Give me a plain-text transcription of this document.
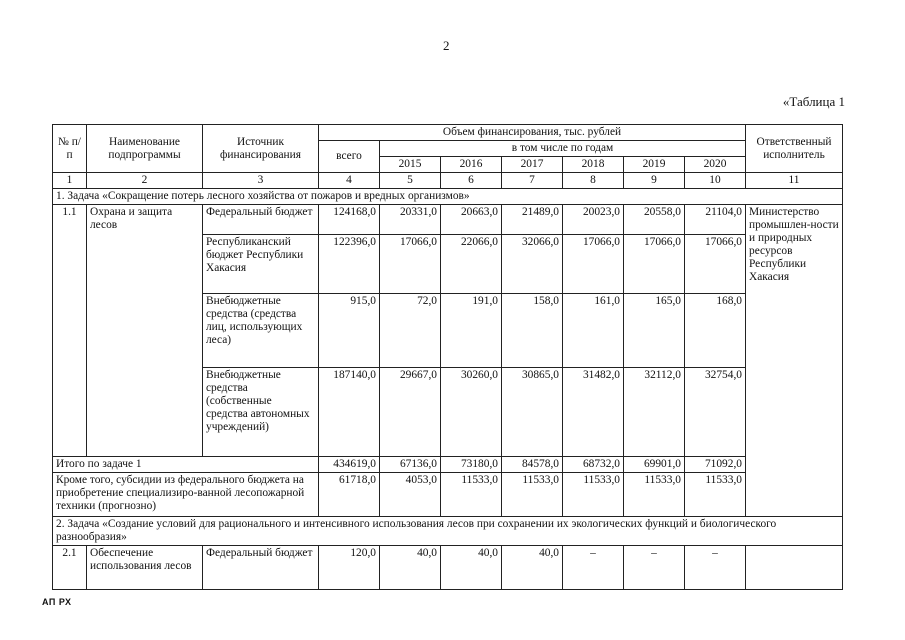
2
«Таблица 1
№ п/п	Наименование подпрограммы	Источник финансирования	Объем финансирования, тыс. рублей							Ответственный исполнитель
			всего	в том числе по годам						
				2015	2016	2017	2018	2019	2020	
1	2	3	4	5	6	7	8	9	10	11
1. Задача «Сокращение потерь лесного хозяйства от пожаров и вредных организмов»										
1.1	Охрана и защита лесов	Федеральный бюджет	124168,0	20331,0	20663,0	21489,0	20023,0	20558,0	21104,0	Министерство промышлен-ности и природных ресурсов Республики Хакасия
		Республиканский бюджет Республики Хакасия	122396,0	17066,0	22066,0	32066,0	17066,0	17066,0	17066,0	
		Внебюджетные средства (средства лиц, использующих леса)	915,0	72,0	191,0	158,0	161,0	165,0	168,0	
		Внебюджетные средства (собственные средства автономных учреждений)	187140,0	29667,0	30260,0	30865,0	31482,0	32112,0	32754,0	
Итого по задаче 1			434619,0	67136,0	73180,0	84578,0	68732,0	69901,0	71092,0	
Кроме того, субсидии из федерального бюджета на приобретение специализиро-ванной лесопожарной техники (прогнозно)			61718,0	4053,0	11533,0	11533,0	11533,0	11533,0	11533,0	
2. Задача «Создание условий для рационального и интенсивного использования лесов при сохранении их экологических функций и биологического разнообразия»										
2.1	Обеспечение использования лесов	Федеральный бюджет	120,0	40,0	40,0	40,0	–	–	–	
АП РХ
